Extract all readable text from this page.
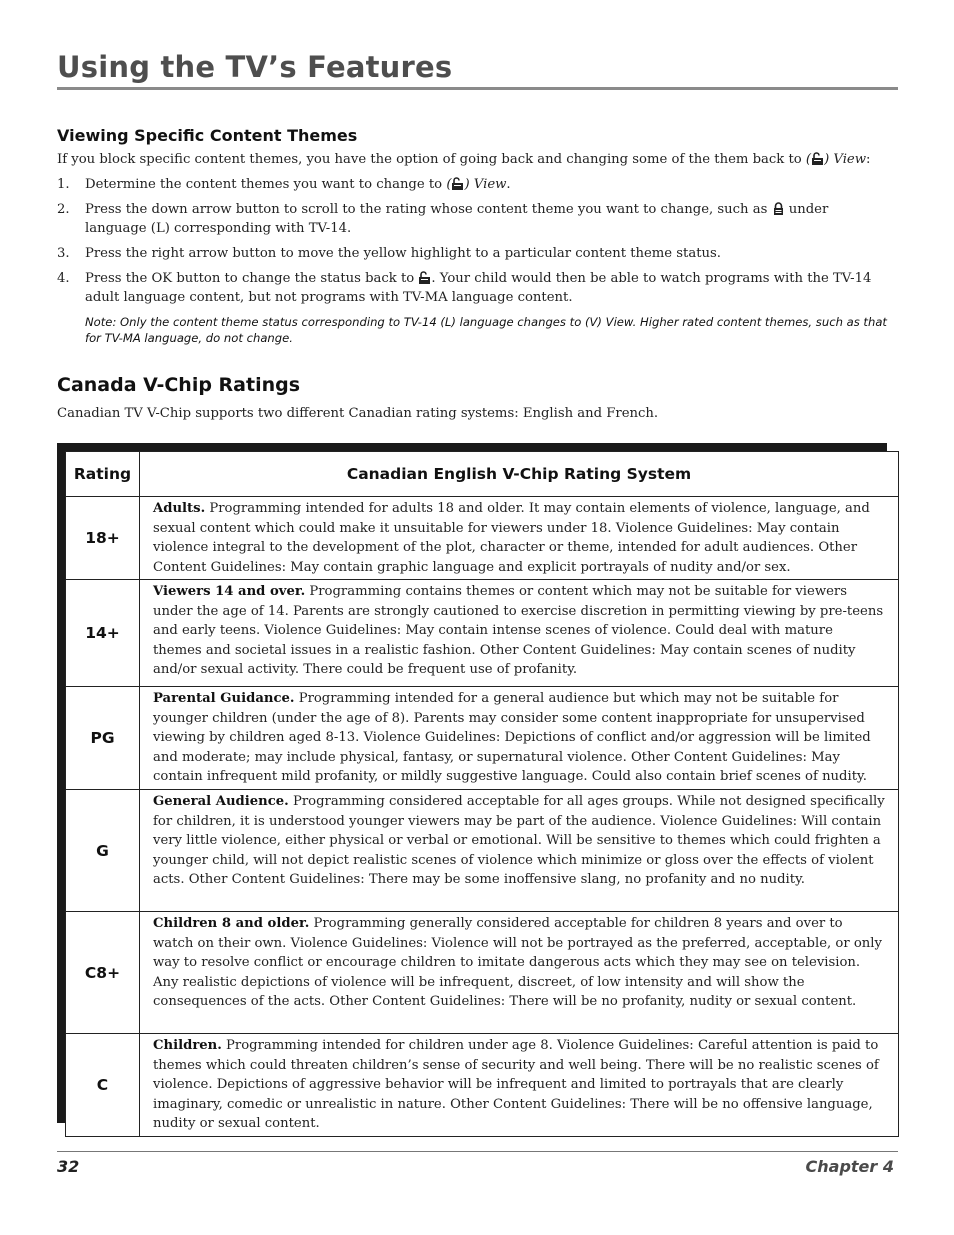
Using the TV’s Features
Viewing Specific Content Themes

If you block specific content themes, you have the option of going back and changing some of the them back to ( ) View:

1. Determine the content themes you want to change to ( ) View.
2. Press the down arrow button to scroll to the rating whose content theme you want to change, such as
under language (L) corresponding with TV-14.
3. Press the right arrow button to move the yellow highlight to a particular content theme status.
4. Press the OK button to change the status back to
. Your child would then be able to watch programs with the TV-14 adult language content, but not programs with TV-MA language content.
Note: Only the content theme status corresponding to TV-14 (L) language changes to (V) View. Higher rated content themes, such as that for TV-MA language, do not change.
Canada V-Chip Ratings

Canadian TV V-Chip supports two different Canadian rating systems: English and French.

Rating	Canadian English V-Chip Rating System
18+	Adults. Programming intended for adults 18 and older. It may contain elements of violence, language, and sexual content which could make it unsuitable for viewers under 18. Violence Guidelines: May contain violence integral to the development of the plot, character or theme, intended for adult audiences. Other Content Guidelines: May contain graphic language and explicit portrayals of nudity and/or sex.
14+	Viewers 14 and over. Programming contains themes or content which may not be suitable for viewers under the age of 14. Parents are strongly cautioned to exercise discretion in permitting viewing by pre-teens and early teens. Violence Guidelines: May contain intense scenes of violence. Could deal with mature themes and societal issues in a realistic fashion. Other Content Guidelines: May contain scenes of nudity and/or sexual activity. There could be frequent use of profanity.
PG	Parental Guidance. Programming intended for a general audience but which may not be suitable for younger children (under the age of 8). Parents may consider some content inappropriate for unsupervised viewing by children aged 8-13. Violence Guidelines: Depictions of conflict and/or aggression will be limited and moderate; may include physical, fantasy, or supernatural violence. Other Content Guidelines: May contain infrequent mild profanity, or mildly suggestive language. Could also contain brief scenes of nudity.
G	General Audience. Programming considered acceptable for all ages groups. While not designed specifically for children, it is understood younger viewers may be part of the audience. Violence Guidelines: Will contain very little violence, either physical or verbal or emotional. Will be sensitive to themes which could frighten a younger child, will not depict realistic scenes of violence which minimize or gloss over the effects of violent acts. Other Content Guidelines: There may be some inoffensive slang, no profanity and no nudity.
C8+	Children 8 and older. Programming generally considered acceptable for children 8 years and over to watch on their own. Violence Guidelines: Violence will not be portrayed as the preferred, acceptable, or only way to resolve conflict or encourage children to imitate dangerous acts which they may see on television. Any realistic depictions of violence will be infrequent, discreet, of low intensity and will show the consequences of the acts. Other Content Guidelines: There will be no profanity, nudity or sexual content.
C	Children. Programming intended for children under age 8. Violence Guidelines: Careful attention is paid to themes which could threaten children’s sense of security and well being. There will be no realistic scenes of violence. Depictions of aggressive behavior will be infrequent and limited to portrayals that are clearly imaginary, comedic or unrealistic in nature. Other Content Guidelines: There will be no offensive language, nudity or sexual content.
32	Chapter 4
